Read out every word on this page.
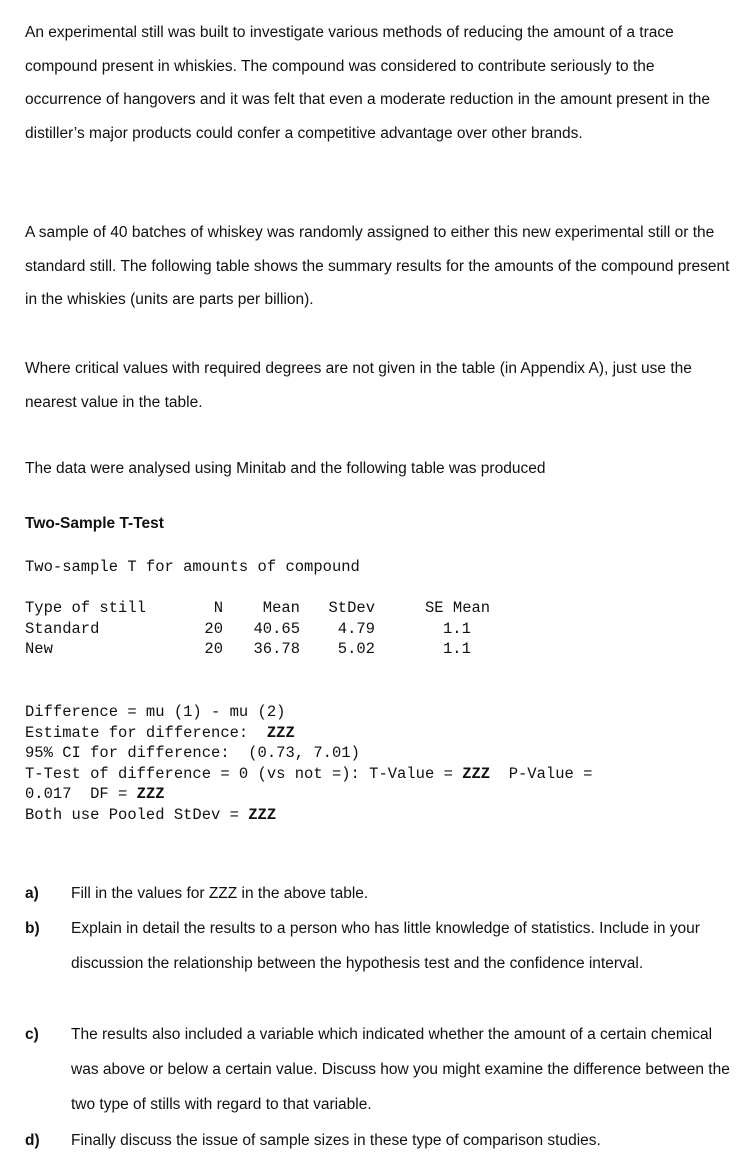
An experimental still was built to investigate various methods of reducing the amount of a trace compound present in whiskies. The compound was considered to contribute seriously to the occurrence of hangovers and it was felt that even a moderate reduction in the amount present in the distiller’s major products could confer a competitive advantage over other brands.

A sample of 40 batches of whiskey was randomly assigned to either this new experimental still or the standard still. The following table shows the summary results for the amounts of the compound present in the whiskies (units are parts per billion).

Where critical values with required degrees are not given in the table (in Appendix A), just use the nearest value in the table.

The data were analysed using Minitab and the following table was produced

Two-Sample T-Test

Two-sample T for amounts of compound
Type of still	N	Mean	StDev	SE Mean
Standard	20	40.65	4.79	1.1
New	20	36.78	5.02	1.1
Difference = mu (1) - mu (2)
Estimate for difference: ZZZ
95% CI for difference: (0.73, 7.01)
T-Test of difference = 0 (vs not =): T-Value = ZZZ P-Value =
0.017 DF = ZZZ
Both use Pooled StDev = ZZZ
a) Fill in the values for ZZZ in the above table.
b) Explain in detail the results to a person who has little knowledge of statistics. Include in your discussion the relationship between the hypothesis test and the confidence interval.
c) The results also included a variable which indicated whether the amount of a certain chemical was above or below a certain value. Discuss how you might examine the difference between the two type of stills with regard to that variable.
d) Finally discuss the issue of sample sizes in these type of comparison studies.
